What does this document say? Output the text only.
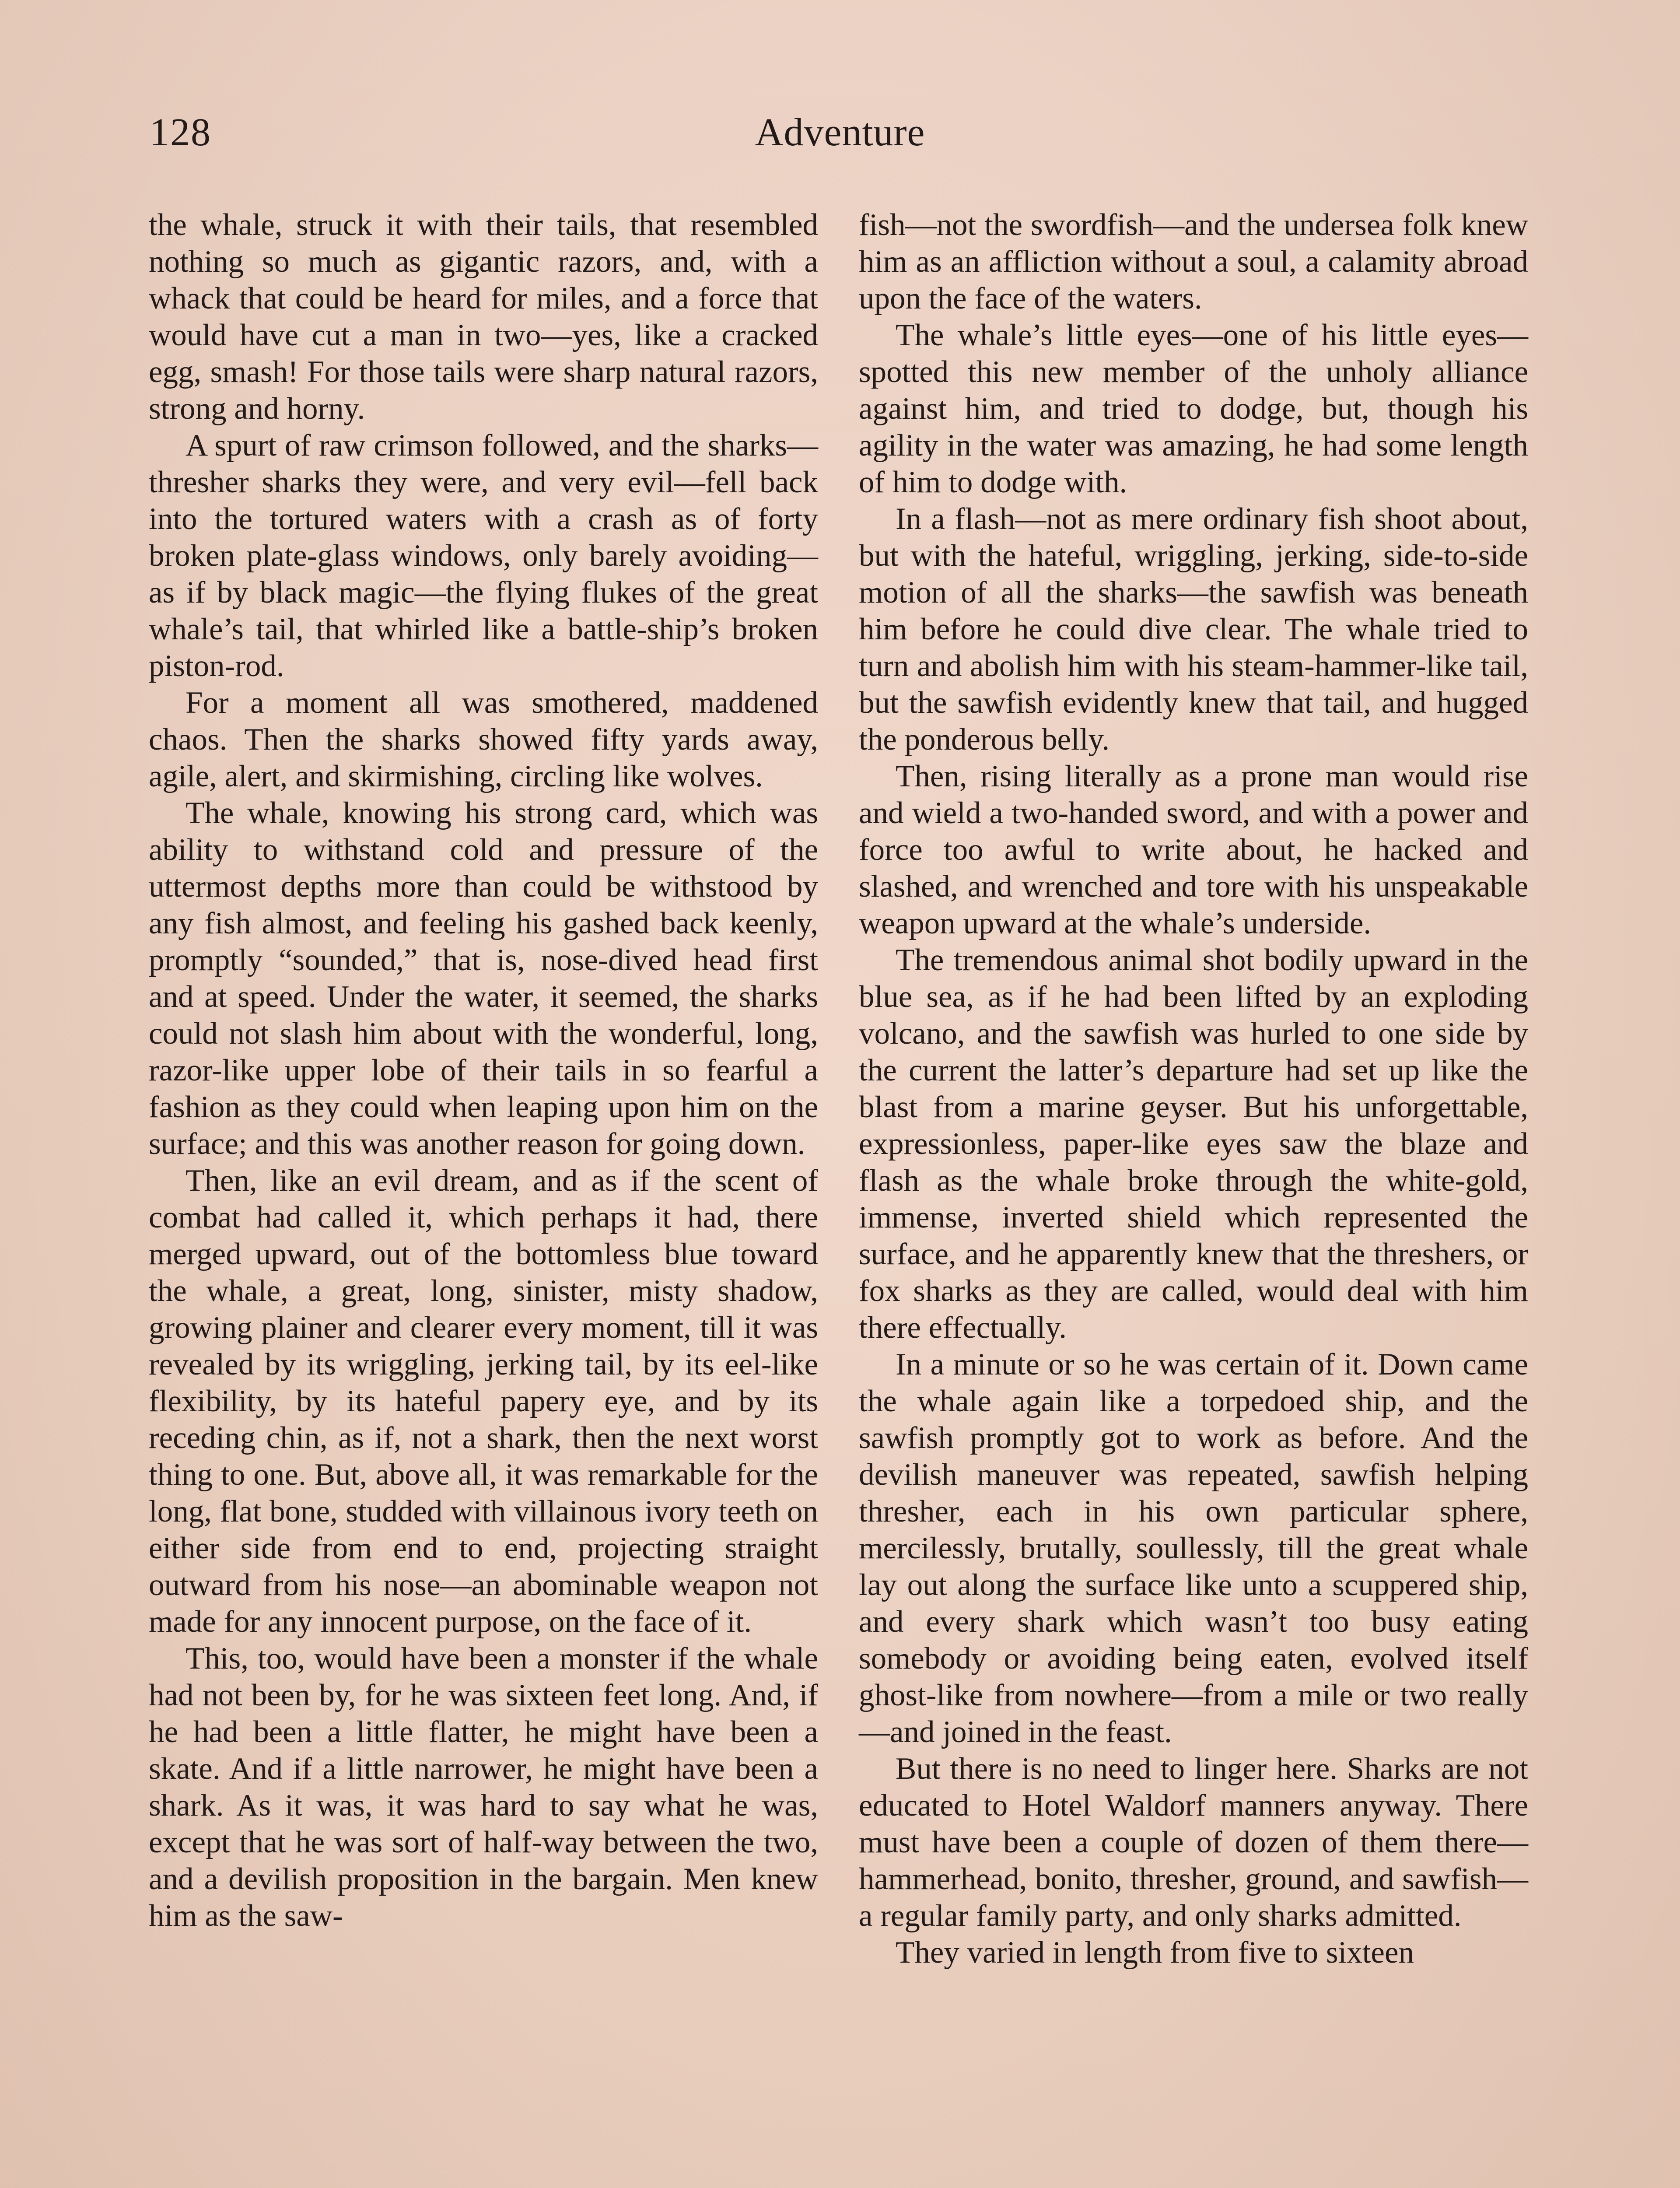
128	Adventure

the whale, struck it with their tails, that resembled nothing so much as gigantic razors, and, with a whack that could be heard for miles, and a force that would have cut a man in two—yes, like a cracked egg, smash! For those tails were sharp natural razors, strong and horny.

A spurt of raw crimson followed, and the sharks—thresher sharks they were, and very evil—fell back into the tortured waters with a crash as of forty broken plate-glass windows, only barely avoiding—as if by black magic—the flying flukes of the great whale’s tail, that whirled like a battle-ship’s broken piston-rod.

For a moment all was smothered, maddened chaos. Then the sharks showed fifty yards away, agile, alert, and skirmishing, circling like wolves.

The whale, knowing his strong card, which was ability to withstand cold and pressure of the uttermost depths more than could be withstood by any fish almost, and feeling his gashed back keenly, promptly “sounded,” that is, nose-dived head first and at speed. Under the water, it seemed, the sharks could not slash him about with the wonderful, long, razor-like upper lobe of their tails in so fearful a fashion as they could when leaping upon him on the surface; and this was another reason for going down.

Then, like an evil dream, and as if the scent of combat had called it, which perhaps it had, there merged upward, out of the bottomless blue toward the whale, a great, long, sinister, misty shadow, growing plainer and clearer every moment, till it was revealed by its wriggling, jerking tail, by its eel-like flexibility, by its hateful papery eye, and by its receding chin, as if, not a shark, then the next worst thing to one. But, above all, it was remarkable for the long, flat bone, studded with villainous ivory teeth on either side from end to end, projecting straight outward from his nose—an abominable weapon not made for any innocent purpose, on the face of it.

This, too, would have been a monster if the whale had not been by, for he was sixteen feet long. And, if he had been a little flatter, he might have been a skate. And if a little narrower, he might have been a shark. As it was, it was hard to say what he was, except that he was sort of half-way between the two, and a devilish proposition in the bargain. Men knew him as the saw-

fish—not the swordfish—and the undersea folk knew him as an affliction without a soul, a calamity abroad upon the face of the waters.

The whale’s little eyes—one of his little eyes—spotted this new member of the unholy alliance against him, and tried to dodge, but, though his agility in the water was amazing, he had some length of him to dodge with.

In a flash—not as mere ordinary fish shoot about, but with the hateful, wriggling, jerking, side-to-side motion of all the sharks—the sawfish was beneath him before he could dive clear. The whale tried to turn and abolish him with his steam-hammer-like tail, but the sawfish evidently knew that tail, and hugged the ponderous belly.

Then, rising literally as a prone man would rise and wield a two-handed sword, and with a power and force too awful to write about, he hacked and slashed, and wrenched and tore with his unspeakable weapon upward at the whale’s underside.

The tremendous animal shot bodily upward in the blue sea, as if he had been lifted by an exploding volcano, and the sawfish was hurled to one side by the current the latter’s departure had set up like the blast from a marine geyser. But his unforgettable, expressionless, paper-like eyes saw the blaze and flash as the whale broke through the white-gold, immense, inverted shield which represented the surface, and he apparently knew that the threshers, or fox sharks as they are called, would deal with him there effectually.

In a minute or so he was certain of it. Down came the whale again like a torpedoed ship, and the sawfish promptly got to work as before. And the devilish maneuver was repeated, sawfish helping thresher, each in his own particular sphere, mercilessly, brutally, soullessly, till the great whale lay out along the surface like unto a scuppered ship, and every shark which wasn’t too busy eating somebody or avoiding being eaten, evolved itself ghost-like from nowhere—from a mile or two really—and joined in the feast.

But there is no need to linger here. Sharks are not educated to Hotel Waldorf manners anyway. There must have been a couple of dozen of them there—hammerhead, bonito, thresher, ground, and sawfish—a regular family party, and only sharks admitted.

They varied in length from five to sixteen
